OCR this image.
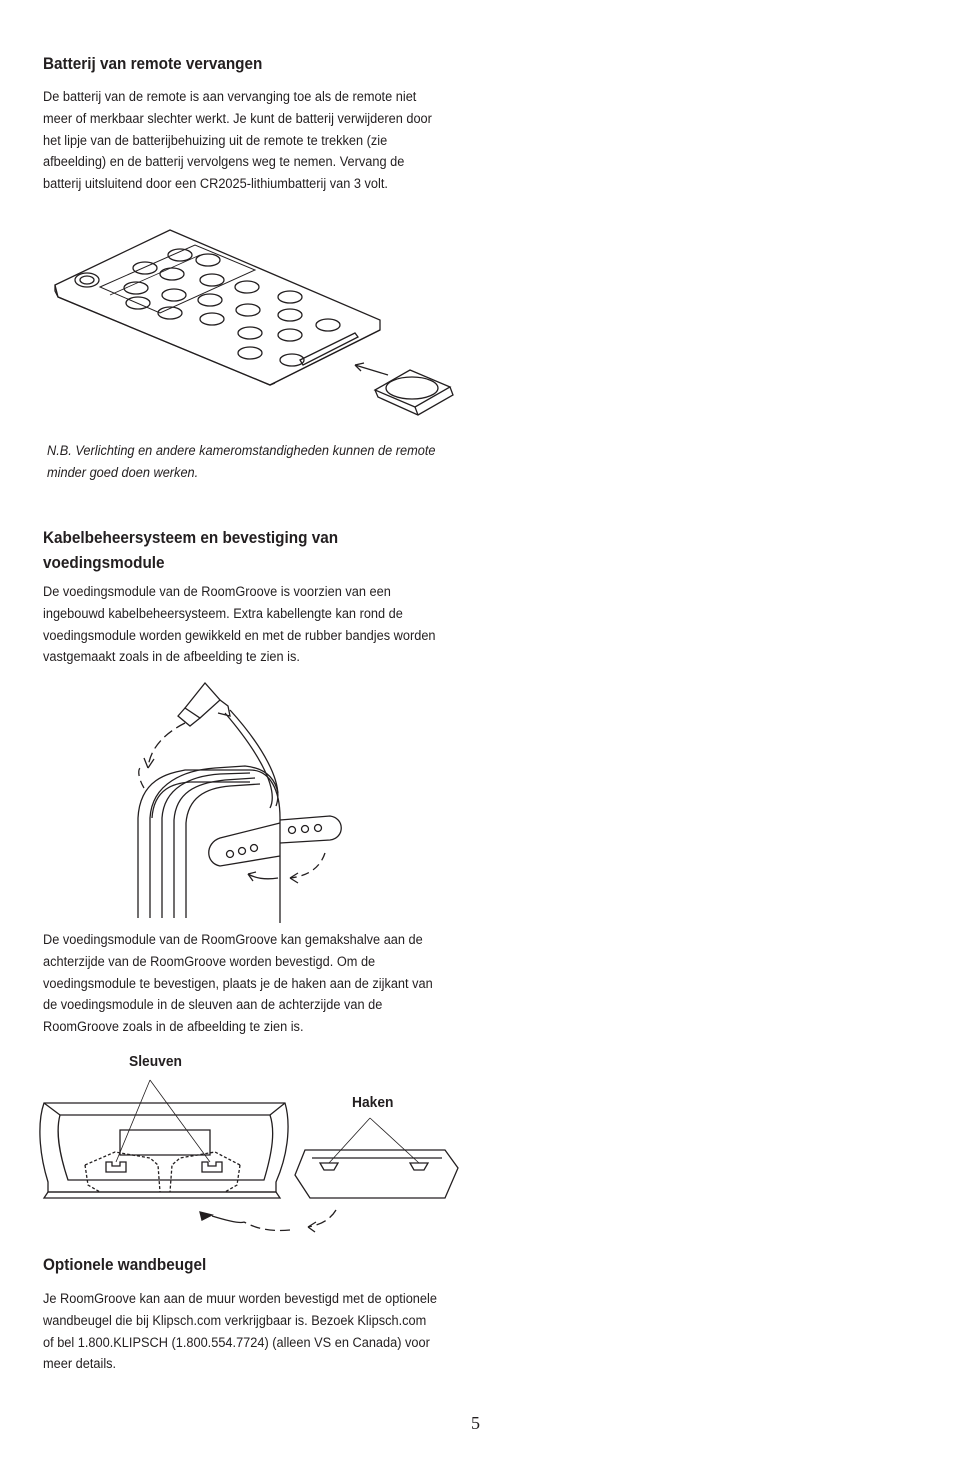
Batterij van remote vervangen

De batterij van de remote is aan vervanging toe als de remote niet meer of merkbaar slechter werkt. Je kunt de batterij verwijderen door het lipje van de batterijbehuizing uit de remote te trekken (zie afbeelding) en de batterij vervolgens weg te nemen. Vervang de batterij uitsluitend door een CR2025-lithiumbatterij van 3 volt.

N.B. Verlichting en andere kameromstandigheden kunnen de remote minder goed doen werken.

Kabelbeheersysteem en bevestiging van
voedingsmodule

De voedingsmodule van de RoomGroove is voorzien van een ingebouwd kabelbeheersysteem. Extra kabellengte kan rond de voedingsmodule worden gewikkeld en met de rubber bandjes worden vastgemaakt zoals in de afbeelding te zien is.

De voedingsmodule van de RoomGroove kan gemakshalve aan de achterzijde van de RoomGroove worden bevestigd. Om de voedingsmodule te bevestigen, plaats je de haken aan de zijkant van de voedingsmodule in de sleuven aan de achterzijde van de RoomGroove zoals in de afbeelding te zien is.

Sleuven
Haken
Optionele wandbeugel

Je RoomGroove kan aan de muur worden bevestigd met de optionele wandbeugel die bij Klipsch.com verkrijgbaar is. Bezoek Klipsch.com of bel 1.800.KLIPSCH (1.800.554.7724) (alleen VS en Canada) voor meer details.

5
